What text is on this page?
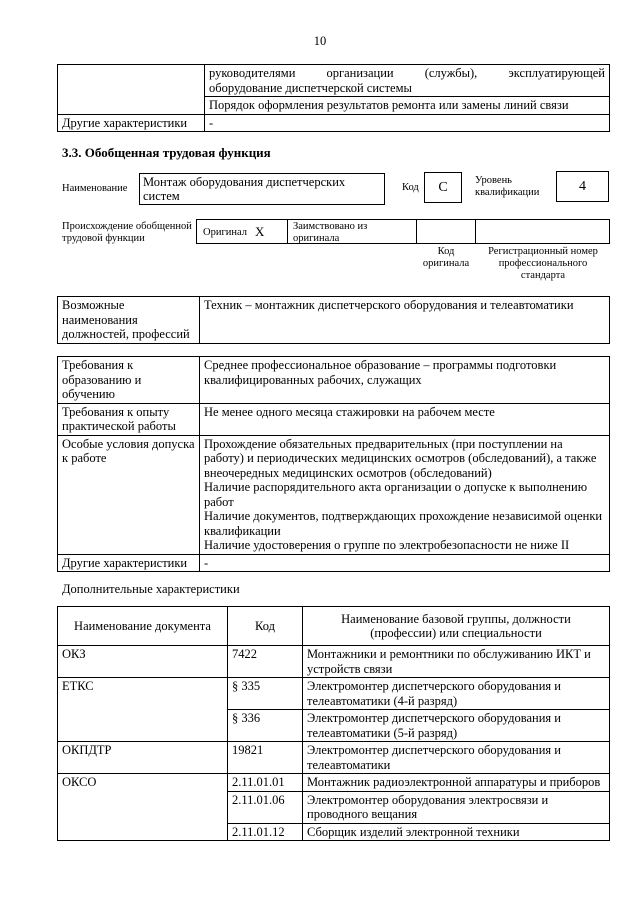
10

	руководителями организации (службы), эксплуатирующей
оборудование диспетчерской системы

	Порядок оформления результатов ремонта или замены линий связи
Другие характеристики	-
3.3. Обобщенная трудовая функция
Наименование	Монтаж оборудования диспетчерских систем
Код	C	Уровень квалификации	4
Происхождение обобщенной трудовой функции
Оригинал X	Заимствовано из оригинала
Код оригинала
Регистрационный номер профессионального стандарта
Возможные наименования должностей, профессий	Техник – монтажник диспетчерского оборудования и телеавтоматики
Требования к образованию и обучению	Среднее профессиональное образование – программы подготовки квалифицированных рабочих, служащих
Требования к опыту практической работы	Не менее одного месяца стажировки на рабочем месте
Особые условия допуска к работе	Прохождение обязательных предварительных (при поступлении на работу) и периодических медицинских осмотров (обследований), а также внеочередных медицинских осмотров (обследований)
Наличие распорядительного акта организации о допуске к выполнению работ
Наличие документов, подтверждающих прохождение независимой оценки квалификации
Наличие удостоверения о группе по электробезопасности не ниже II

Другие характеристики	-
Дополнительные характеристики
Наименование документа	Код	Наименование базовой группы, должности (профессии) или специальности
ОКЗ	7422	Монтажники и ремонтники по обслуживанию ИКТ и устройств связи
ЕТКС	§ 335	Электромонтер диспетчерского оборудования и телеавтоматики (4-й разряд)
	§ 336	Электромонтер диспетчерского оборудования и телеавтоматики (5-й разряд)
ОКПДТР	19821	Электромонтер диспетчерского оборудования и телеавтоматики
ОКСО	2.11.01.01	Монтажник радиоэлектронной аппаратуры и приборов
	2.11.01.06	Электромонтер оборудования электросвязи и проводного вещания
	2.11.01.12	Сборщик изделий электронной техники
